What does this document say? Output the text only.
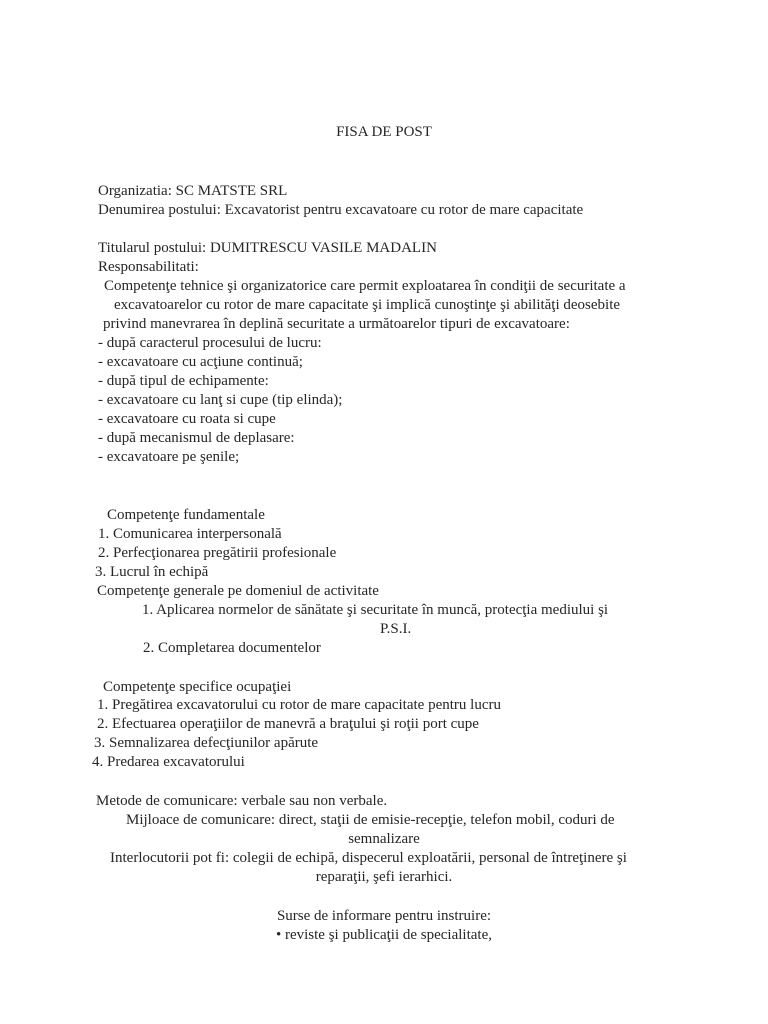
FISA DE POST

Organizatia: SC MATSTE SRL

Denumirea postului: Excavatorist pentru excavatoare cu rotor de mare capacitate

Titularul postului: DUMITRESCU VASILE MADALIN

Responsabilitati:

Competenţe tehnice şi organizatorice care permit exploatarea în condiţii de securitate a

excavatoarelor cu rotor de mare capacitate şi implică cunoştinţe şi abilităţi deosebite

privind manevrarea în deplină securitate a următoarelor tipuri de excavatoare:

- după caracterul procesului de lucru:

- excavatoare cu acţiune continuă;

- după tipul de echipamente:

- excavatoare cu lanţ si cupe (tip elinda);

- excavatoare cu roata si cupe

- după mecanismul de deplasare:

- excavatoare pe şenile;

Competenţe fundamentale

1. Comunicarea interpersonală

2. Perfecţionarea pregătirii profesionale

3. Lucrul în echipă

Competenţe generale pe domeniul de activitate

1. Aplicarea normelor de sănătate şi securitate în muncă, protecţia mediului şi

P.S.I.

2. Completarea documentelor

Competenţe specifice ocupaţiei

1. Pregătirea excavatorului cu rotor de mare capacitate pentru lucru

2. Efectuarea operaţiilor de manevră a braţului şi roţii port cupe

3. Semnalizarea defecţiunilor apărute

4. Predarea excavatorului

Metode de comunicare: verbale sau non verbale.

Mijloace de comunicare: direct, staţii de emisie-recepţie, telefon mobil, coduri de

semnalizare

Interlocutorii pot fi: colegii de echipă, dispecerul exploatării, personal de întreţinere şi

reparaţii, şefi ierarhici.

Surse de informare pentru instruire:

• reviste şi publicaţii de specialitate,
